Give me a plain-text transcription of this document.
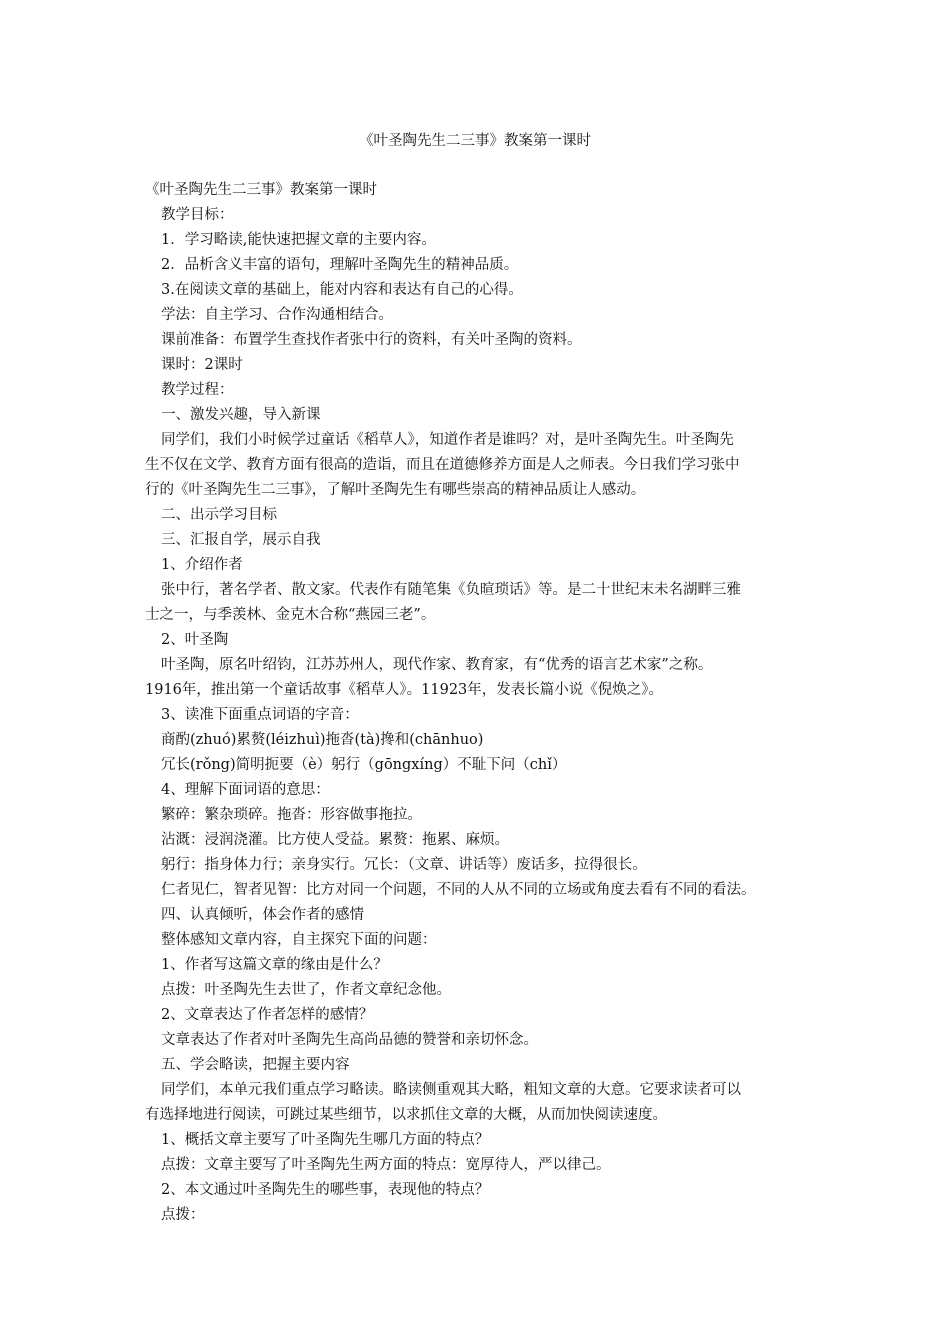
《叶圣陶先生二三事》教案第一课时
《叶圣陶先生二三事》教案第一课时
教学目标：
1．学习略读,能快速把握文章的主要内容。
2．品析含义丰富的语句，理解叶圣陶先生的精神品质。
3.在阅读文章的基础上，能对内容和表达有自己的心得。
学法：自主学习、合作沟通相结合。
课前准备：布置学生查找作者张中行的资料，有关叶圣陶的资料。
课时：2课时
教学过程：
一、激发兴趣，导入新课
同学们，我们小时候学过童话《稻草人》，知道作者是谁吗？对，是叶圣陶先生。叶圣陶先
生不仅在文学、教育方面有很高的造诣，而且在道德修养方面是人之师表。今日我们学习张中
行的《叶圣陶先生二三事》，了解叶圣陶先生有哪些崇高的精神品质让人感动。
二、出示学习目标
三、汇报自学，展示自我
1、介绍作者
张中行，著名学者、散文家。代表作有随笔集《负暄琐话》等。是二十世纪末未名湖畔三雅
士之一，与季羡林、金克木合称“燕园三老”。
2、叶圣陶
叶圣陶，原名叶绍钧，江苏苏州人，现代作家、教育家，有“优秀的语言艺术家”之称。
1916年，推出第一个童话故事《稻草人》。11923年，发表长篇小说《倪焕之》。
3、读准下面重点词语的字音：
商酌(zhuó)累赘(léizhuì)拖沓(tà)搀和(chānhuo)
冗长(rǒng)简明扼要（è）躬行（gōngxíng）不耻下问（chǐ）
4、理解下面词语的意思：
繁碎：繁杂琐碎。拖沓：形容做事拖拉。
沾溉：浸润浇灌。比方使人受益。累赘：拖累、麻烦。
躬行：指身体力行；亲身实行。冗长：（文章、讲话等）废话多，拉得很长。
仁者见仁，智者见智：比方对同一个问题，不同的人从不同的立场或角度去看有不同的看法。
四、认真倾听，体会作者的感情
整体感知文章内容，自主探究下面的问题：
1、作者写这篇文章的缘由是什么？
点拨：叶圣陶先生去世了，作者文章纪念他。
2、文章表达了作者怎样的感情？
文章表达了作者对叶圣陶先生高尚品德的赞誉和亲切怀念。
五、学会略读，把握主要内容
同学们，本单元我们重点学习略读。略读侧重观其大略，粗知文章的大意。它要求读者可以
有选择地进行阅读，可跳过某些细节，以求抓住文章的大概，从而加快阅读速度。
1、概括文章主要写了叶圣陶先生哪几方面的特点？
点拨：文章主要写了叶圣陶先生两方面的特点：宽厚待人，严以律己。
2、本文通过叶圣陶先生的哪些事，表现他的特点？
点拨：
